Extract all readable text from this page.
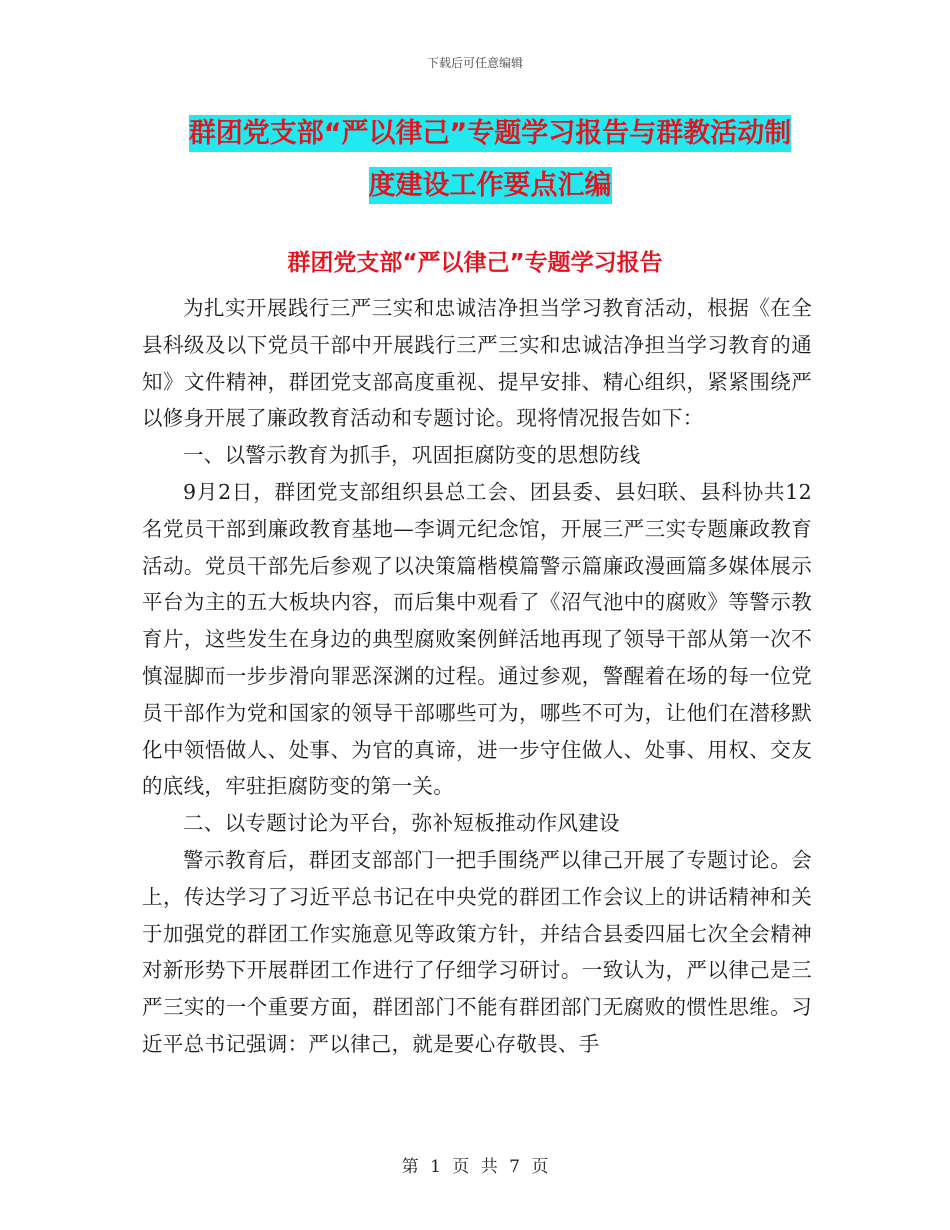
下载后可任意编辑
群团党支部“严以律己”专题学习报告与群教活动制
度建设工作要点汇编
群团党支部“严以律己”专题学习报告

为扎实开展践行三严三实和忠诚洁净担当学习教育活动，根据《在全县科级及以下党员干部中开展践行三严三实和忠诚洁净担当学习教育的通知》文件精神，群团党支部高度重视、提早安排、精心组织，紧紧围绕严以修身开展了廉政教育活动和专题讨论。现将情况报告如下：

一、以警示教育为抓手，巩固拒腐防变的思想防线

9月2日，群团党支部组织县总工会、团县委、县妇联、县科协共12名党员干部到廉政教育基地—李调元纪念馆，开展三严三实专题廉政教育活动。党员干部先后参观了以决策篇楷模篇警示篇廉政漫画篇多媒体展示平台为主的五大板块内容，而后集中观看了《沼气池中的腐败》等警示教育片，这些发生在身边的典型腐败案例鲜活地再现了领导干部从第一次不慎湿脚而一步步滑向罪恶深渊的过程。通过参观，警醒着在场的每一位党员干部作为党和国家的领导干部哪些可为，哪些不可为，让他们在潜移默化中领悟做人、处事、为官的真谛，进一步守住做人、处事、用权、交友的底线，牢驻拒腐防变的第一关。

二、以专题讨论为平台，弥补短板推动作风建设

警示教育后，群团支部部门一把手围绕严以律己开展了专题讨论。会上，传达学习了习近平总书记在中央党的群团工作会议上的讲话精神和关于加强党的群团工作实施意见等政策方针，并结合县委四届七次全会精神对新形势下开展群团工作进行了仔细学习研讨。一致认为，严以律己是三严三实的一个重要方面，群团部门不能有群团部门无腐败的惯性思维。习近平总书记强调：严以律己，就是要心存敬畏、手

第 1 页 共 7 页
